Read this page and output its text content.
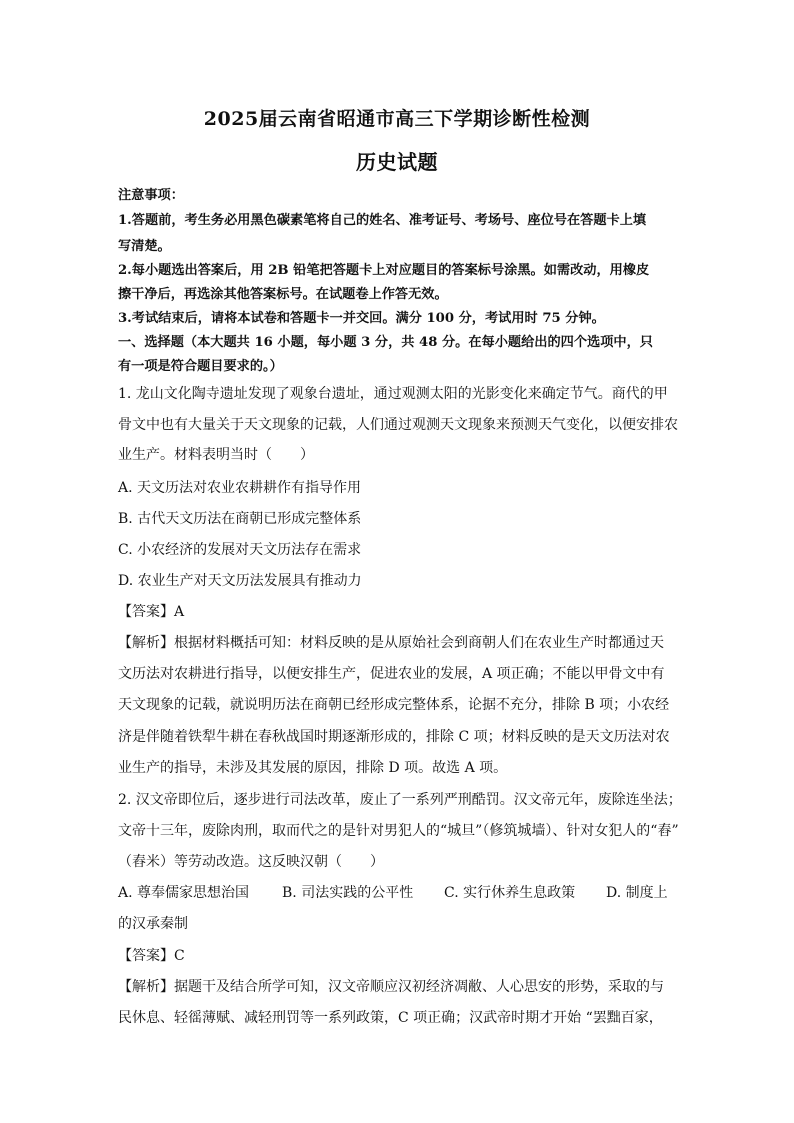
2025届云南省昭通市高三下学期诊断性检测
历史试题
注意事项：
1.答题前，考生务必用黑色碳素笔将自己的姓名、准考证号、考场号、座位号在答题卡上填
写清楚。
2.每小题选出答案后，用 2B 铅笔把答题卡上对应题目的答案标号涂黑。如需改动，用橡皮
擦干净后，再选涂其他答案标号。在试题卷上作答无效。
3.考试结束后，请将本试卷和答题卡一并交回。满分 100 分，考试用时 75 分钟。
一、选择题（本大题共 16 小题，每小题 3 分，共 48 分。在每小题给出的四个选项中，只
有一项是符合题目要求的。）
1. 龙山文化陶寺遗址发现了观象台遗址，通过观测太阳的光影变化来确定节气。商代的甲
骨文中也有大量关于天文现象的记载，人们通过观测天文现象来预测天气变化，以便安排农
业生产。材料表明当时（　　）
A. 天文历法对农业农耕耕作有指导作用
B. 古代天文历法在商朝已形成完整体系
C. 小农经济的发展对天文历法存在需求
D. 农业生产对天文历法发展具有推动力
【答案】A
【解析】根据材料概括可知：材料反映的是从原始社会到商朝人们在农业生产时都通过天
文历法对农耕进行指导，以便安排生产，促进农业的发展，A 项正确；不能以甲骨文中有
天文现象的记载，就说明历法在商朝已经形成完整体系，论据不充分，排除 B 项；小农经
济是伴随着铁犁牛耕在春秋战国时期逐渐形成的，排除 C 项；材料反映的是天文历法对农
业生产的指导，未涉及其发展的原因，排除 D 项。故选 A 项。
2. 汉文帝即位后，逐步进行司法改革，废止了一系列严刑酷罚。汉文帝元年，废除连坐法；
文帝十三年，废除肉刑，取而代之的是针对男犯人的“城旦”（修筑城墙）、针对女犯人的“舂”
（舂米）等劳动改造。这反映汉朝（　　）
A. 尊奉儒家思想治国 B. 司法实践的公平性 C. 实行休养生息政策 D. 制度上
的汉承秦制
【答案】C
【解析】据题干及结合所学可知，汉文帝顺应汉初经济凋敝、人心思安的形势，采取的与
民休息、轻徭薄赋、减轻刑罚等一系列政策，C 项正确；汉武帝时期才开始 “罢黜百家，
